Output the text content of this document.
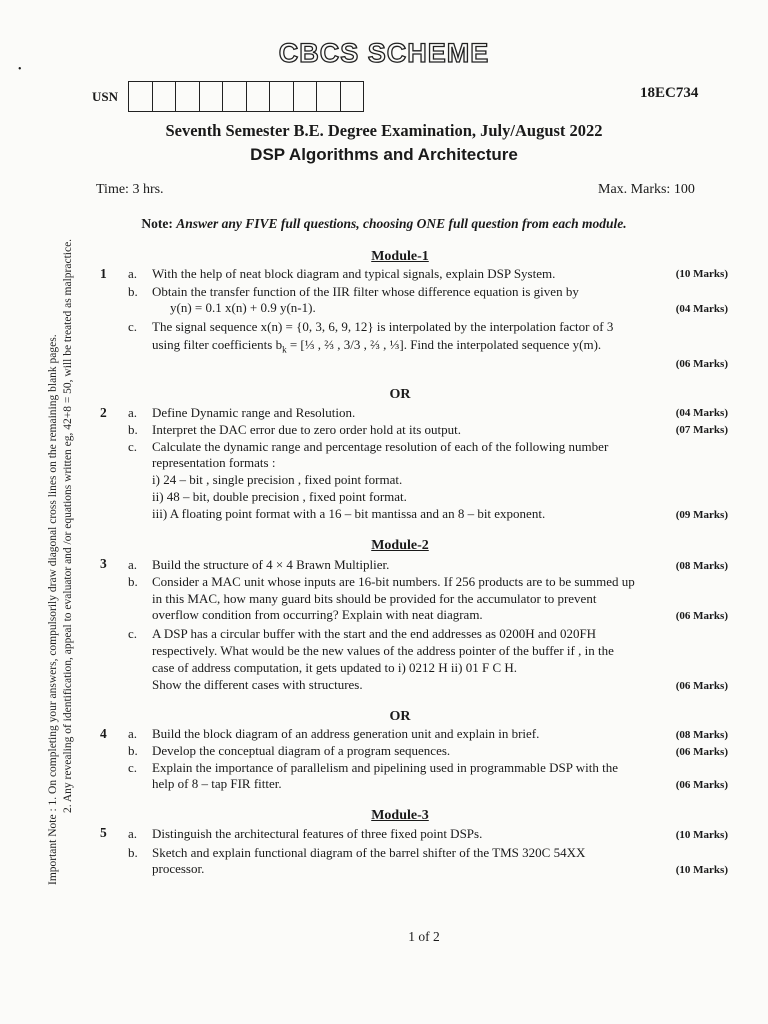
•
CBCS SCHEME
USN	18EC734
Seventh Semester B.E. Degree Examination, July/August 2022
DSP Algorithms and Architecture
Time: 3 hrs.	Max. Marks: 100
Note: Answer any FIVE full questions, choosing ONE full question from each module.
Important Note : 1. On completing your answers, compulsorily draw diagonal cross lines on the remaining blank pages. 2. Any revealing of identification, appeal to evaluator and /or equations written eg, 42+8 = 50, will be treated as malpractice.	Module-1
1 a. With the help of neat block diagram and typical signals, explain DSP System.	(10 Marks)
b. Obtain the transfer function of the IIR filter whose difference equation is given by
y(n) = 0.1 x(n) + 0.9 y(n-1).	(04 Marks)
c. The signal sequence x(n) = {0, 3, 6, 9, 12} is interpolated by the interpolation factor of 3
using filter coefficients $b_k$ = [⅓ , ⅔ , 3/3 , ⅔ , ⅓]. Find the interpolated sequence y(m).
(06 Marks)
OR
2 a. Define Dynamic range and Resolution.	(04 Marks)
b. Interpret the DAC error due to zero order hold at its output.	(07 Marks)
c. Calculate the dynamic range and percentage resolution of each of the following number
representation formats :
i) 24 – bit , single precision , fixed point format.
ii) 48 – bit, double precision , fixed point format.
iii) A floating point format with a 16 – bit mantissa and an 8 – bit exponent.	(09 Marks)
Module-2
3 a. Build the structure of 4 × 4 Brawn Multiplier.	(08 Marks)
b. Consider a MAC unit whose inputs are 16-bit numbers. If 256 products are to be summed up
in this MAC, how many guard bits should be provided for the accumulator to prevent
overflow condition from occurring? Explain with neat diagram.	(06 Marks)
c. A DSP has a circular buffer with the start and the end addresses as 0200H and 020FH
respectively. What would be the new values of the address pointer of the buffer if , in the
case of address computation, it gets updated to i) 0212 H ii) 01 F C H.
Show the different cases with structures.	(06 Marks)
OR
4 a. Build the block diagram of an address generation unit and explain in brief.	(08 Marks)
b. Develop the conceptual diagram of a program sequences.	(06 Marks)
c. Explain the importance of parallelism and pipelining used in programmable DSP with the
help of 8 – tap FIR fitter.	(06 Marks)
Module-3
5 a. Distinguish the architectural features of three fixed point DSPs.	(10 Marks)
b. Sketch and explain functional diagram of the barrel shifter of the TMS 320C 54XX
processor.	(10 Marks)
1 of 2
